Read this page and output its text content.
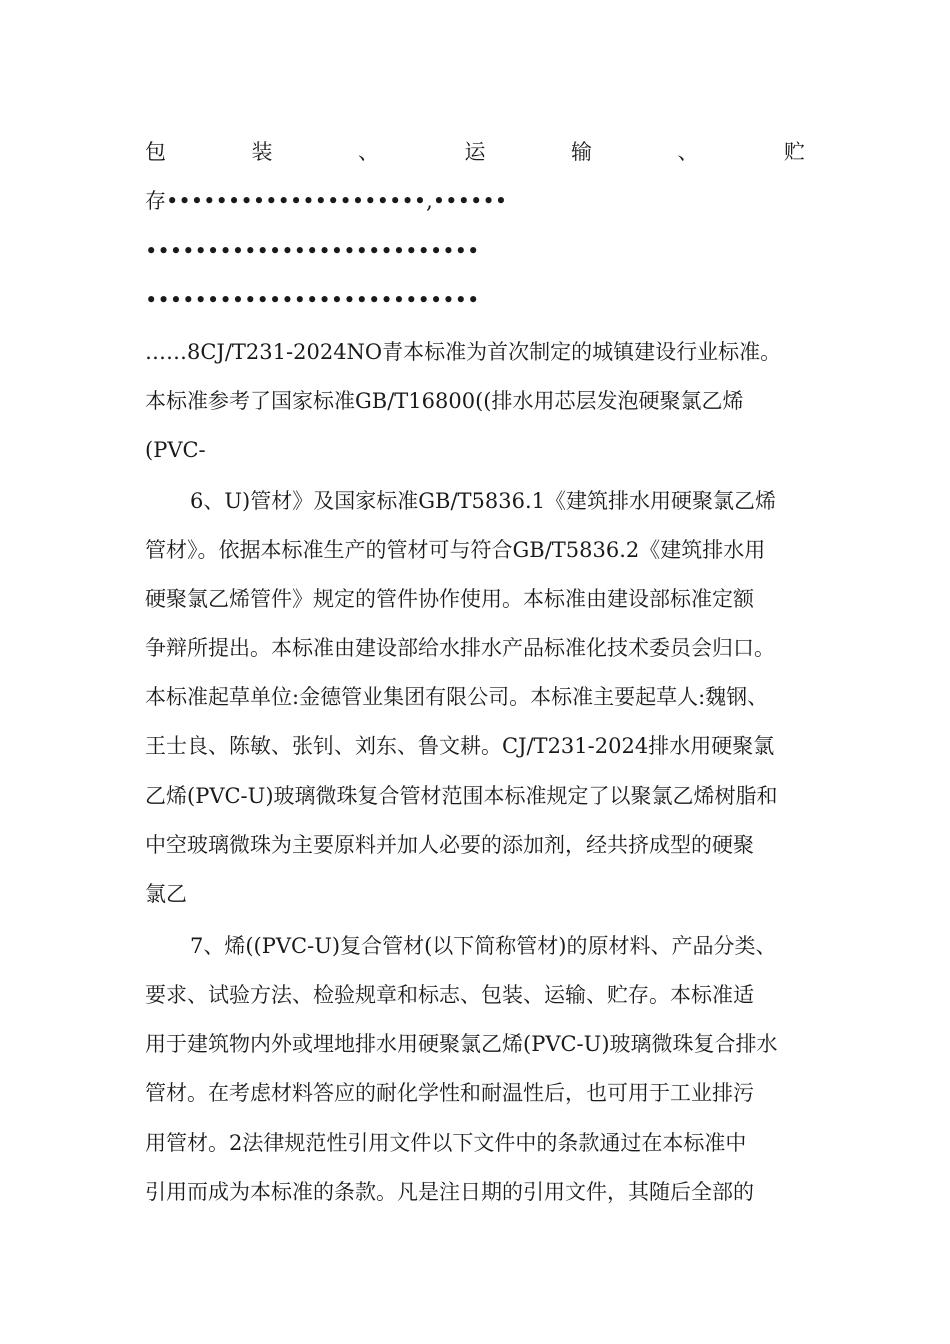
包	装	、	运	输	、	贮
存•••••••••••••••••••••,••••••
•••••••••••••••••••••••••••
•••••••••••••••••••••••••••
……8CJ/T231-2024NO青本标准为首次制定的城镇建设行业标准。
本标准参考了国家标准GB/T16800((排水用芯层发泡硬聚氯乙烯
(PVC-
6、U)管材》及国家标准GB/T5836.1《建筑排水用硬聚氯乙烯
管材》。依据本标准生产的管材可与符合GB/T5836.2《建筑排水用
硬聚氯乙烯管件》规定的管件协作使用。本标准由建设部标准定额
争辩所提出。本标准由建设部给水排水产品标准化技术委员会归口。
本标准起草单位:金德管业集团有限公司。本标准主要起草人:魏钢、
王士良、陈敏、张钊、刘东、鲁文耕。CJ/T231-2024排水用硬聚氯
乙烯(PVC-U)玻璃微珠复合管材范围本标准规定了以聚氯乙烯树脂和
中空玻璃微珠为主要原料并加人必要的添加剂，经共挤成型的硬聚
氯乙
7、烯((PVC-U)复合管材(以下简称管材)的原材料、产品分类、
要求、试验方法、检验规章和标志、包装、运输、贮存。本标准适
用于建筑物内外或埋地排水用硬聚氯乙烯(PVC-U)玻璃微珠复合排水
管材。在考虑材料答应的耐化学性和耐温性后，也可用于工业排污
用管材。2法律规范性引用文件以下文件中的条款通过在本标准中
引用而成为本标准的条款。凡是注日期的引用文件，其随后全部的
